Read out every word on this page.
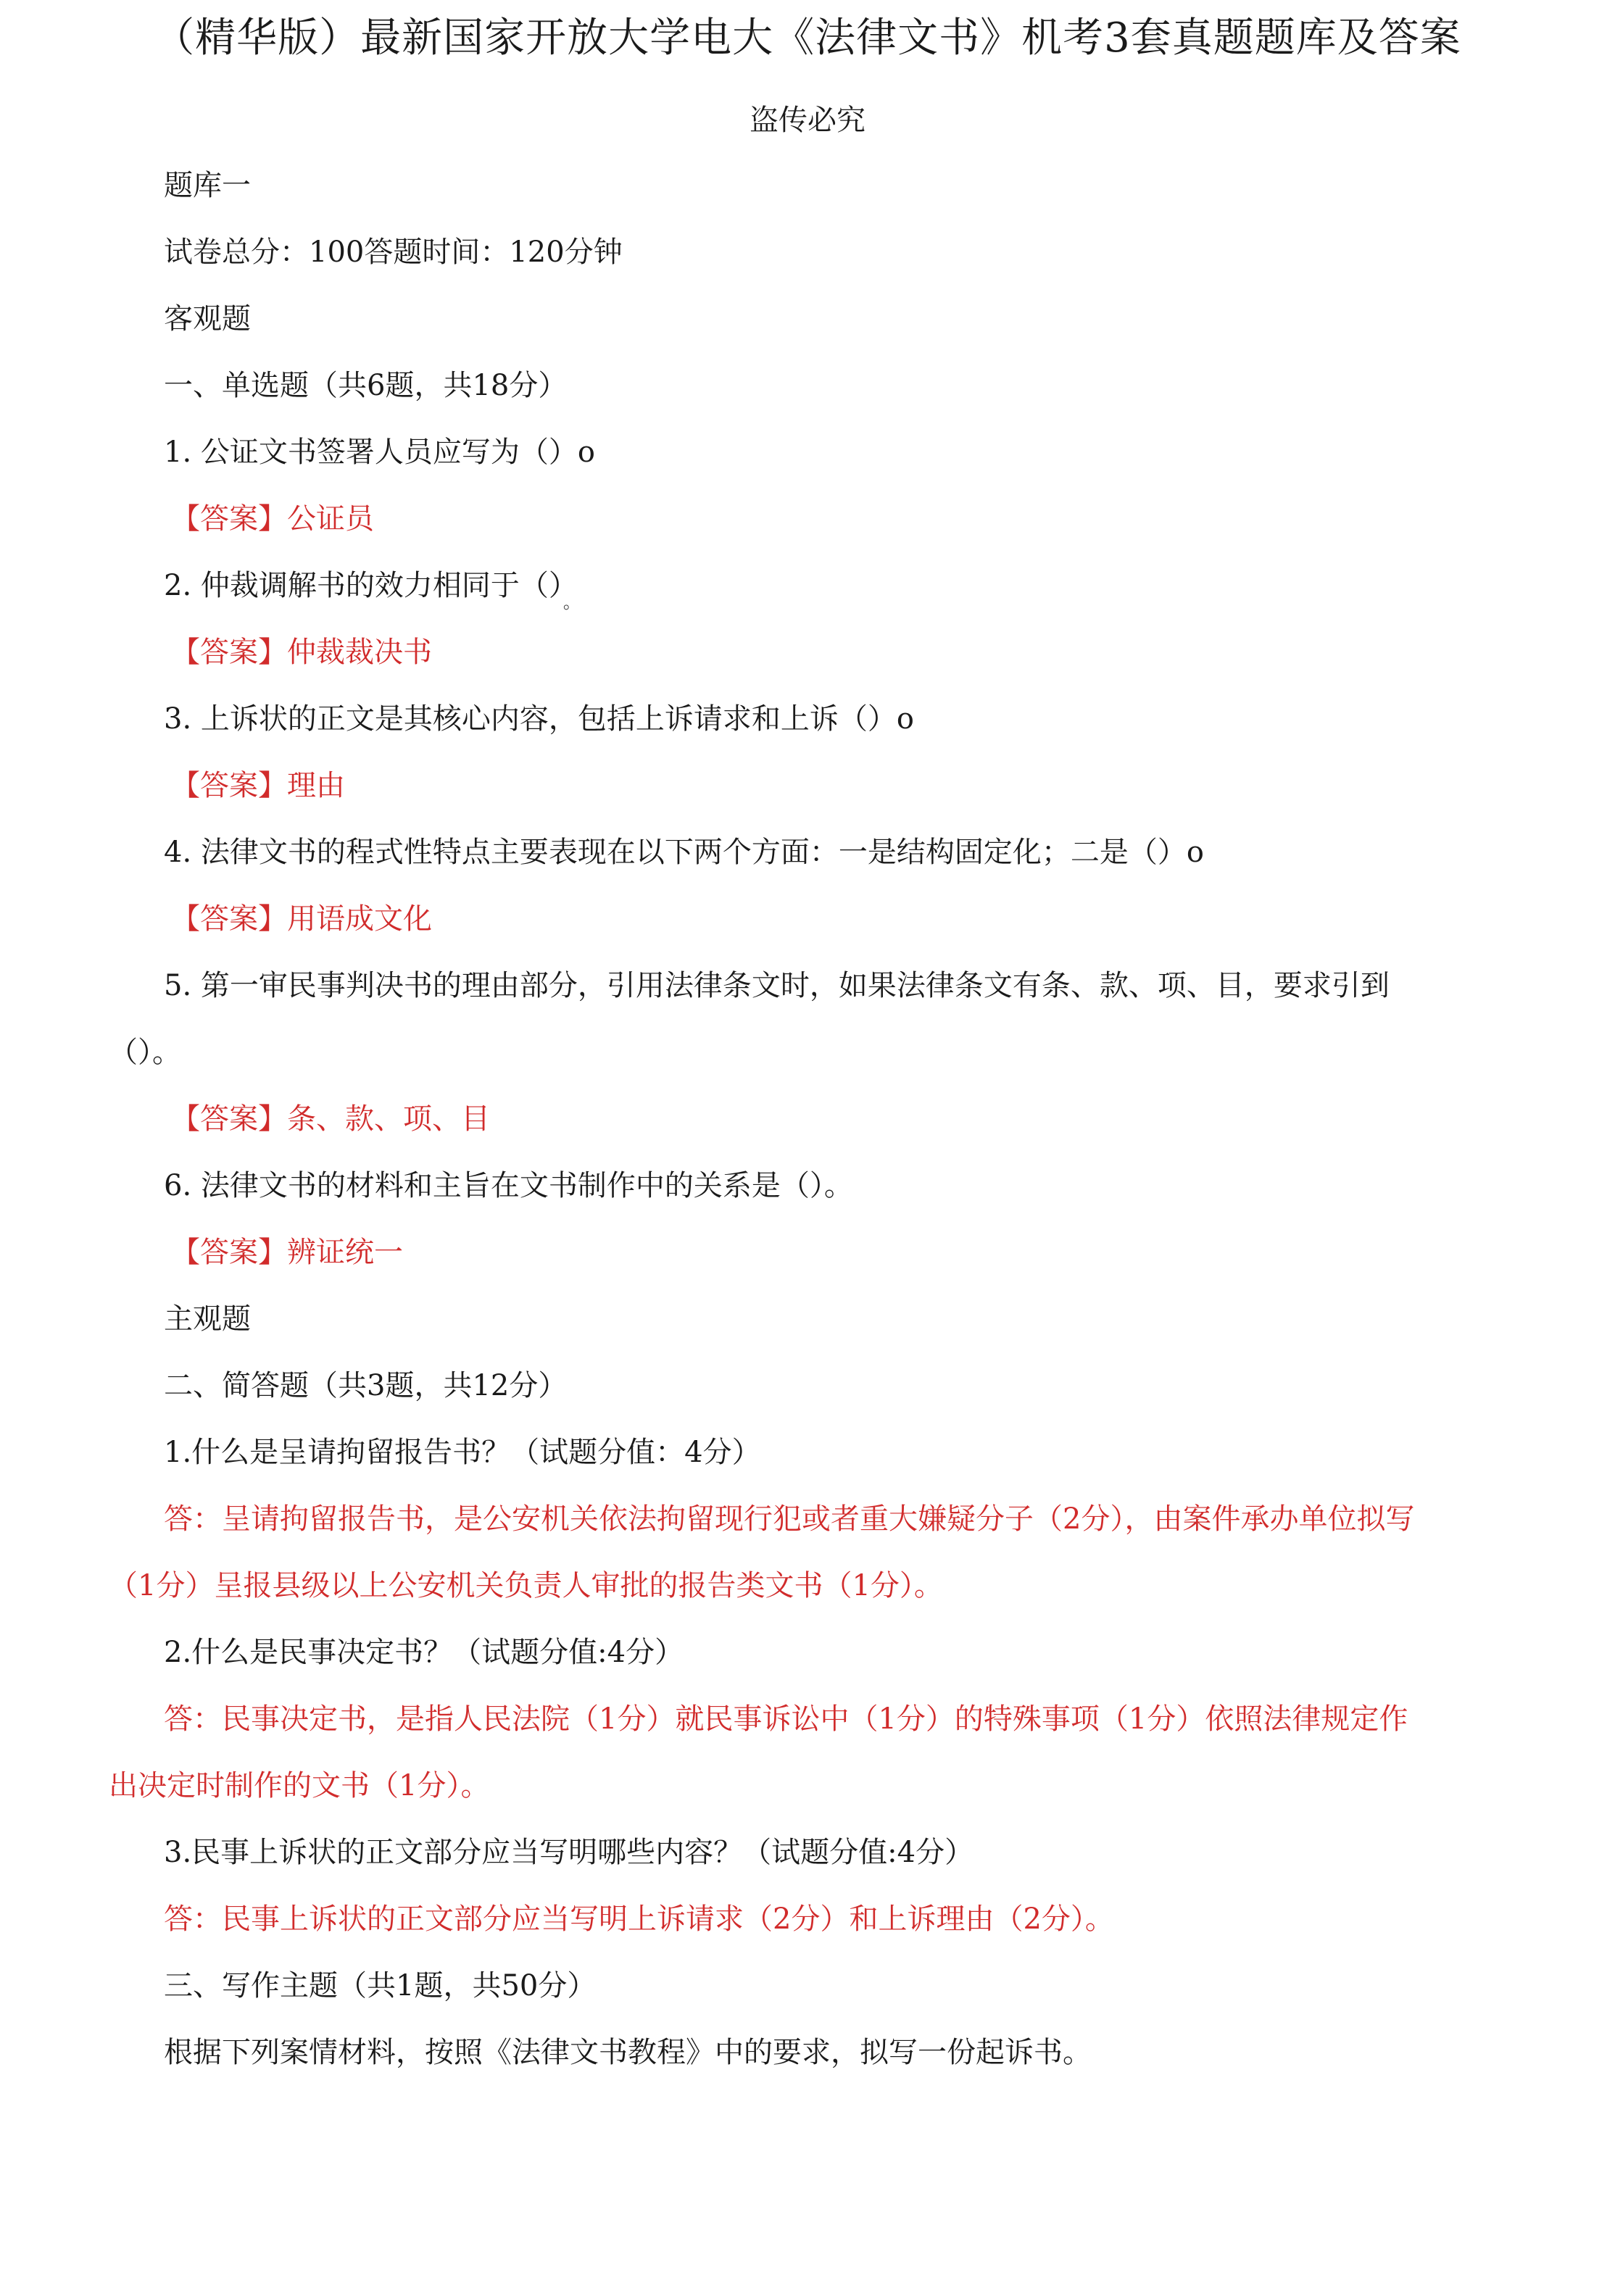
（精华版）最新国家开放大学电大《法律文书》机考3套真题题库及答案
盗传必究
题库一
试卷总分：100答题时间：120分钟
客观题
一、单选题（共6题，共18分）
1. 公证文书签署人员应写为（）o
【答案】公证员
2. 仲裁调解书的效力相同于$()_。$
【答案】仲裁裁决书
3. 上诉状的正文是其核心内容，包括上诉请求和上诉（）o
【答案】理由
4. 法律文书的程式性特点主要表现在以下两个方面：一是结构固定化；二是（）o
【答案】用语成文化
5. 第一审民事判决书的理由部分，引用法律条文时，如果法律条文有条、款、项、目，要求引到
（）。
【答案】条、款、项、目
6. 法律文书的材料和主旨在文书制作中的关系是（）。
【答案】辨证统一
主观题
二、简答题（共3题，共12分）
1.什么是呈请拘留报告书？（试题分值：4分）
答：呈请拘留报告书，是公安机关依法拘留现行犯或者重大嫌疑分子（2分），由案件承办单位拟写
（1分）呈报县级以上公安机关负责人审批的报告类文书（1分）。
2.什么是民事决定书？（试题分值:4分）
答：民事决定书，是指人民法院（1分）就民事诉讼中（1分）的特殊事项（1分）依照法律规定作
出决定时制作的文书（1分）。
3.民事上诉状的正文部分应当写明哪些内容？（试题分值:4分）
答：民事上诉状的正文部分应当写明上诉请求（2分）和上诉理由（2分）。
三、写作主题（共1题，共50分）
根据下列案情材料，按照《法律文书教程》中的要求，拟写一份起诉书。
